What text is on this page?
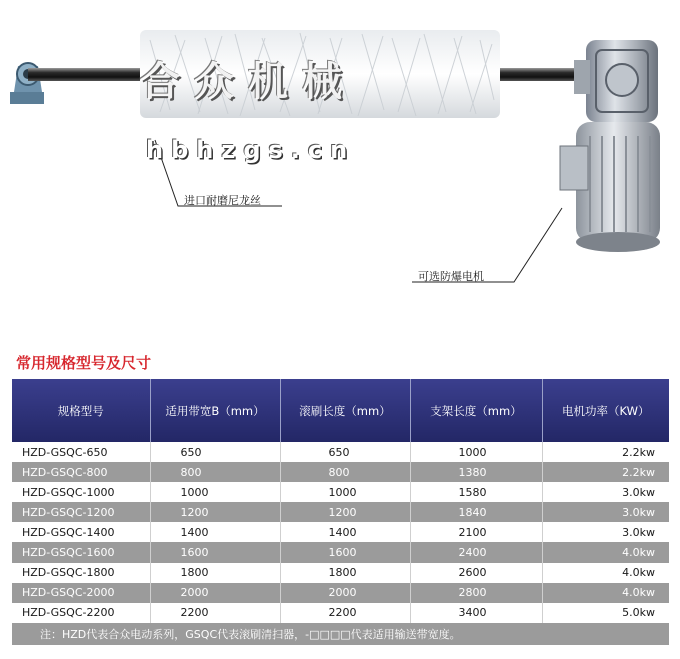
合众机械
hbhzgs.cn
进口耐磨尼龙丝
可选防爆电机
常用规格型号及尺寸
规格型号	适用带宽B（mm）	滚刷长度（mm）	支架长度（mm）	电机功率（KW）
HZD-GSQC-650	650	650	1000	2.2kw
HZD-GSQC-800	800	800	1380	2.2kw
HZD-GSQC-1000	1000	1000	1580	3.0kw
HZD-GSQC-1200	1200	1200	1840	3.0kw
HZD-GSQC-1400	1400	1400	2100	3.0kw
HZD-GSQC-1600	1600	1600	2400	4.0kw
HZD-GSQC-1800	1800	1800	2600	4.0kw
HZD-GSQC-2000	2000	2000	2800	4.0kw
HZD-GSQC-2200	2200	2200	3400	5.0kw
注：HZD代表合众电动系列，GSQC代表滚刷清扫器，-□□□□代表适用输送带宽度。				
